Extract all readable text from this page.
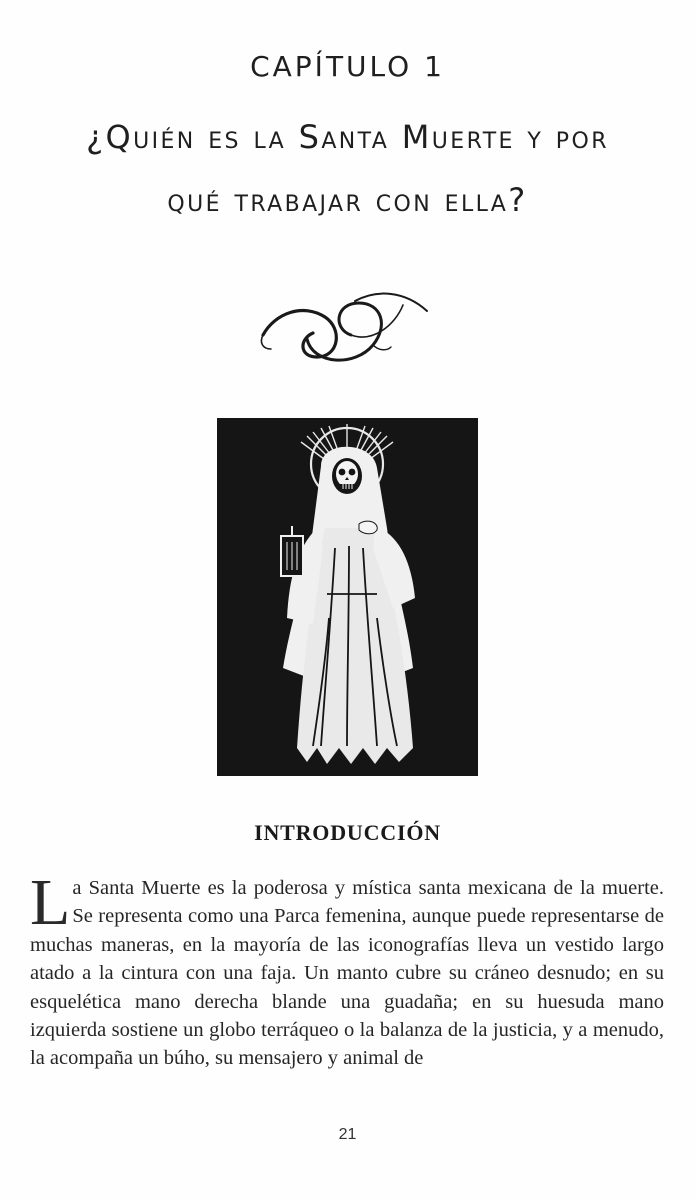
CAPÍTULO 1
¿Quién es la Santa Muerte y por qué trabajar con ella?
INTRODUCCIÓN

La Santa Muerte es la poderosa y mística santa mexicana de la muerte. Se representa como una Parca femenina, aunque puede representarse de muchas maneras, en la mayoría de las iconografías lleva un vestido largo atado a la cintura con una faja. Un manto cubre su cráneo desnudo; en su esquelética mano derecha blande una guadaña; en su huesuda mano izquierda sostiene un globo terráqueo o la balanza de la justicia, y a menudo, la acompaña un búho, su mensajero y animal de

21
